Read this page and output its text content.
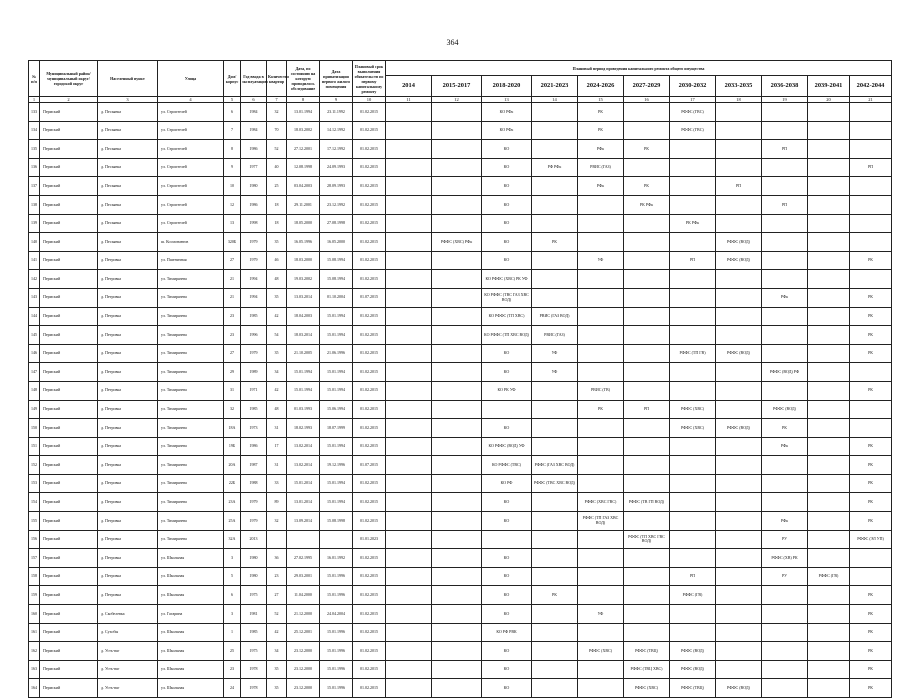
364
№ п/п	Муниципальный район/муниципальный округ/городской округ	Населенный пункт	Улица	Дом/корпус	Год ввода в эксплуатацию	Количество квартир	Дата, по состоянию на которую проводилось обследование	Дата приватизации первого жилого помещения	Плановый срок выполнения обязательств по первому капитальному ремонту	Плановый период проведения капитального ремонта общего имущества										
										2014	2015-2017	2018-2020	2021-2023	2024-2026	2027-2029	2030-2032	2033-2035	2036-2038	2039-2041	2042-2044
1	2	3	4	5	6	7	8	9	10	11	12	13	14	15	16	17	18	19	20	21
133	Пермский	д. Песьянка	ул. Строителей	6	1984	32	13.01.1994	23.11.1992	01.02.2015			КО РФк		РК		РФФС (ГВС)				
134	Пермский	д. Песьянка	ул. Строителей	7	1984	70	18.03.2002	14.12.1992	01.02.2015			КО РФк		РК		РФФС (ГВС)				
135	Пермский	д. Песьянка	ул. Строителей	8	1986	52	27.12.2001	17.12.1992	01.02.2015			КО		РФк	РК			РП		
136	Пермский	д. Песьянка	ул. Строителей	9	1977	40	12.08.1998	24.09.1993	01.02.2015			КО	РФ РФк	РВИС (ГАЗ)						РП
137	Пермский	д. Песьянка	ул. Строителей	10	1980	25	03.04.2003	28.09.1993	01.02.2015			КО		РФк	РК		РП			
138	Пермский	д. Песьянка	ул. Строителей	12	1986	18	29.11.2001	23.12.1992	01.02.2015			КО			РК РФк			РП		
139	Пермский	д. Песьянка	ул. Строителей	13	1998	18	18.05.2000	27.08.1998	01.02.2015			КО				РК РФк				
140	Пермский	д. Песьянка	ш. Космонавтов	320Б	1979	35	16.05.1996	16.05.2000	01.02.2015		РФФС (ХВС) РФк	КО	РК				РФФС (ВОД)			
141	Пермский	д. Петровка	ул. Пшеничная	27	1979	46	18.03.2000	15.08.1994	01.02.2015			КО		УФ		РП	РФФС (ВОД)			РК
142	Пермский	д. Петровка	ул. Тимирязева	21	1994	48	19.03.2002	15.08.1994	01.02.2015			КО РФФС (ХВС) РК УФ								
143	Пермский	д. Петровка	ул. Тимирязева	21	1994	35	13.03.2014	01.10.2004	01.07.2015			КО РФФС (ТВС ГАЗ ХВС ВОД)						РФк		РК
144	Пермский	д. Петровка	ул. Тимирязева	23	1985	42	18.04.2003	15.01.1994	01.02.2015			КО РФФС (ТП ХВС)	РВИС (ГАЗ ВОД)							РК
145	Пермский	д. Петровка	ул. Тимирязева	23	1996	54	18.03.2014	15.01.1994	01.02.2015			КО РФФС (ТП ХВС ВОД)	РВИС (ГАЗ)							РК
146	Пермский	д. Петровка	ул. Тимирязева	27	1979	35	21.10.2005	21.06.1996	01.02.2015			КО	УФ			РФФС (ТП ГВ)	РФФС (ВОД)			РК
147	Пермский	д. Петровка	ул. Тимирязева	29	1989	34	15.01.1994	15.01.1994	01.02.2015			КО	УФ					РФФС (ВОД) РФ		
148	Пермский	д. Петровка	ул. Тимирязева	31	1971	42	15.01.1994	15.01.1994	01.02.2015			КО РК УФ		РВИС (ГВ)						РК
149	Пермский	д. Петровка	ул. Тимирязева	32	1985	48	01.03.1993	15.06.1994	01.02.2015					РК	РП	РФФС (ХВС)		РФФС (ВОД)		
150	Пермский	д. Петровка	ул. Тимирязева	18А	1973	31	18.02.1993	18.07.1999	01.02.2015			КО				РФФС (ХВС)	РФФС (ВОД)	РК		
151	Пермский	д. Петровка	ул. Тимирязева	19Б	1986	17	13.02.2014	15.01.1994	01.02.2015			КО РФФС (ВОД) УФ						РФк		РК
152	Пермский	д. Петровка	ул. Тимирязева	20А	1987	31	13.02.2014	19.12.1996	01.07.2015			КО РФФС (ТВС)	РФФС (ГАЗ ХВС ВОД)							РК
153	Пермский	д. Петровка	ул. Тимирязева	22Б	1988	33	15.01.2014	15.01.1994	01.02.2015			КО РФ	РФФС (ТВС ХВС ВОД)							РК
154	Пермский	д. Петровка	ул. Тимирязева	23А	1979	89	13.01.2014	15.01.1994	01.02.2015			КО		РФФС (ХВС ГВС)	РФФС (ТВ ГП ВОД)					РК
155	Пермский	д. Петровка	ул. Тимирязева	25А	1979	32	13.09.2014	15.08.1998	01.02.2015			КО		РФФС (ТП ГАЗ ХВС ВОД)				РФк		РК
156	Пермский	д. Петровка	ул. Тимирязева	32А	2013				01.01.2023						РФФС (ТП ХВС ГВС ВОД)			РУ		РФФС (ЭЛ УП)
157	Пермский	д. Петровка	ул. Школьная	3	1980	36	27.02.1995	16.01.1992	01.02.2015			КО						РФФС (ХВ) РК		
158	Пермский	д. Петровка	ул. Школьная	5	1980	23	29.03.2001	15.01.1996	01.02.2015			КО				РП		РУ	РФФС (ГВ)	
159	Пермский	д. Петровка	ул. Школьная	6	1975	27	11.04.2000	15.01.1996	01.02.2015			КО	РК			РФФС (ГВ)				РК
160	Пермский	д. Скобелевка	ул. Гагарина	3	1981	52	21.12.2000	24.04.2004	01.02.2015			КО		УФ						РК
161	Пермский	д. Сухобы	ул. Школьная	1	1985	42	25.12.2001	15.01.1996	01.02.2015			КО РФ РВК								РК
162	Пермский	д. Усть-ваг	ул. Школьная	25	1975	34	23.12.2000	15.01.1996	01.02.2015			КО		РФФС (ХВС)	РФФС (ТВЦ)	РФФС (ВОД)				РК
163	Пермский	д. Усть-ваг	ул. Школьная	23	1978	35	23.12.2000	15.01.1996	01.02.2015			КО			РФФС (ТВЦ ХВС)	РФФС (ВОД)				РК
164	Пермский	д. Усть-ваг	ул. Школьная	24	1978	35	23.12.2000	15.01.1996	01.02.2015			КО			РФФС (ХВС)	РФФС (ТВЦ)	РФФС (ВОД)			РК
